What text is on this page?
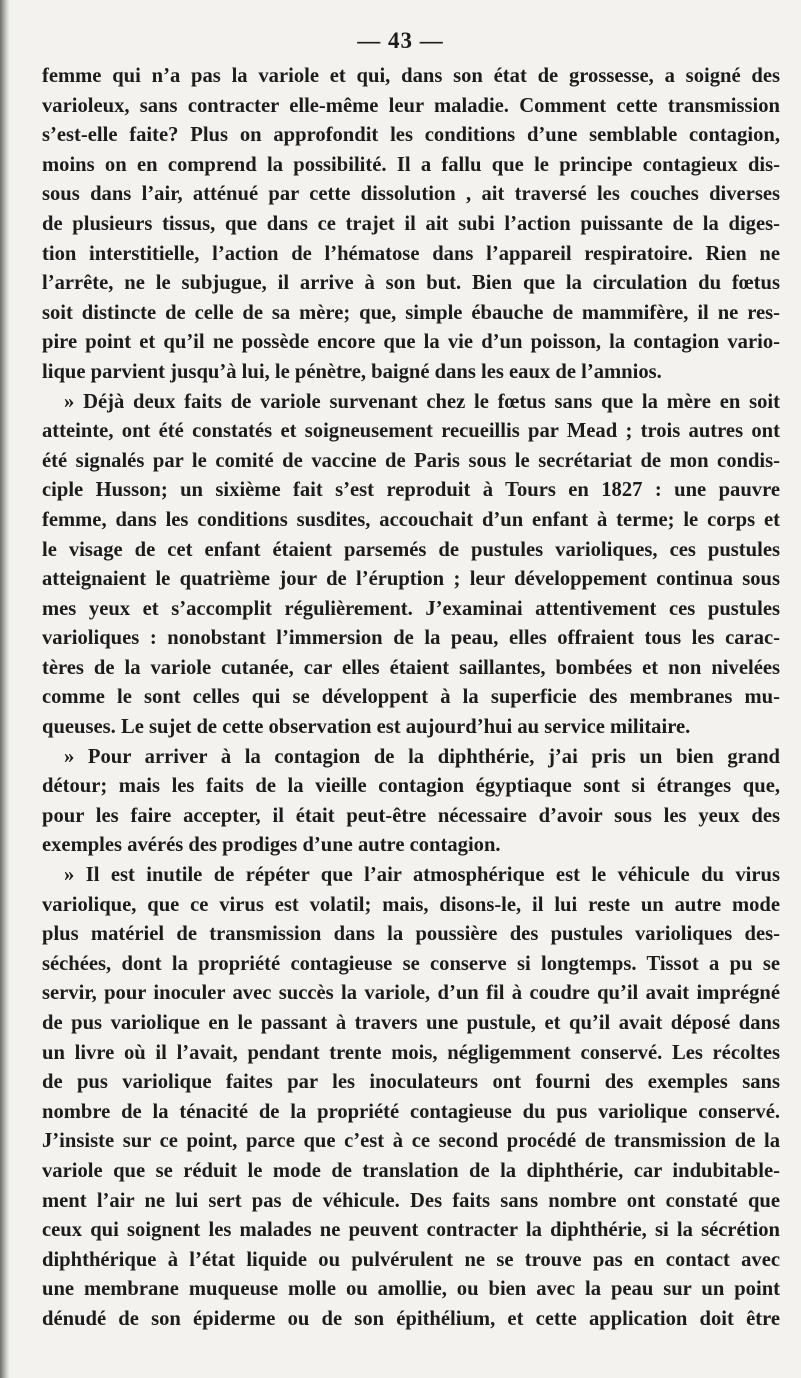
— 43 —
femme qui n’a pas la variole et qui, dans son état de grossesse, a soigné des
varioleux, sans contracter elle-même leur maladie. Comment cette transmission
s’est-elle faite? Plus on approfondit les conditions d’une semblable contagion,
moins on en comprend la possibilité. Il a fallu que le principe contagieux dis-
sous dans l’air, atténué par cette dissolution , ait traversé les couches diverses
de plusieurs tissus, que dans ce trajet il ait subi l’action puissante de la diges-
tion interstitielle, l’action de l’hématose dans l’appareil respiratoire. Rien ne
l’arrête, ne le subjugue, il arrive à son but. Bien que la circulation du fœtus
soit distincte de celle de sa mère; que, simple ébauche de mammifère, il ne res-
pire point et qu’il ne possède encore que la vie d’un poisson, la contagion vario-
lique parvient jusqu’à lui, le pénètre, baigné dans les eaux de l’amnios.
» Déjà deux faits de variole survenant chez le fœtus sans que la mère en soit
atteinte, ont été constatés et soigneusement recueillis par Mead ; trois autres ont
été signalés par le comité de vaccine de Paris sous le secrétariat de mon condis-
ciple Husson; un sixième fait s’est reproduit à Tours en 1827 : une pauvre
femme, dans les conditions susdites, accouchait d’un enfant à terme; le corps et
le visage de cet enfant étaient parsemés de pustules varioliques, ces pustules
atteignaient le quatrième jour de l’éruption ; leur développement continua sous
mes yeux et s’accomplit régulièrement. J’examinai attentivement ces pustules
varioliques : nonobstant l’immersion de la peau, elles offraient tous les carac-
tères de la variole cutanée, car elles étaient saillantes, bombées et non nivelées
comme le sont celles qui se développent à la superficie des membranes mu-
queuses. Le sujet de cette observation est aujourd’hui au service militaire.
» Pour arriver à la contagion de la diphthérie, j’ai pris un bien grand
détour; mais les faits de la vieille contagion égyptiaque sont si étranges que,
pour les faire accepter, il était peut-être nécessaire d’avoir sous les yeux des
exemples avérés des prodiges d’une autre contagion.
» Il est inutile de répéter que l’air atmosphérique est le véhicule du virus
variolique, que ce virus est volatil; mais, disons-le, il lui reste un autre mode
plus matériel de transmission dans la poussière des pustules varioliques des-
séchées, dont la propriété contagieuse se conserve si longtemps. Tissot a pu se
servir, pour inoculer avec succès la variole, d’un fil à coudre qu’il avait imprégné
de pus variolique en le passant à travers une pustule, et qu’il avait déposé dans
un livre où il l’avait, pendant trente mois, négligemment conservé. Les récoltes
de pus variolique faites par les inoculateurs ont fourni des exemples sans
nombre de la ténacité de la propriété contagieuse du pus variolique conservé.
J’insiste sur ce point, parce que c’est à ce second procédé de transmission de la
variole que se réduit le mode de translation de la diphthérie, car indubitable-
ment l’air ne lui sert pas de véhicule. Des faits sans nombre ont constaté que
ceux qui soignent les malades ne peuvent contracter la diphthérie, si la sécrétion
diphthérique à l’état liquide ou pulvérulent ne se trouve pas en contact avec
une membrane muqueuse molle ou amollie, ou bien avec la peau sur un point
dénudé de son épiderme ou de son épithélium, et cette application doit être
